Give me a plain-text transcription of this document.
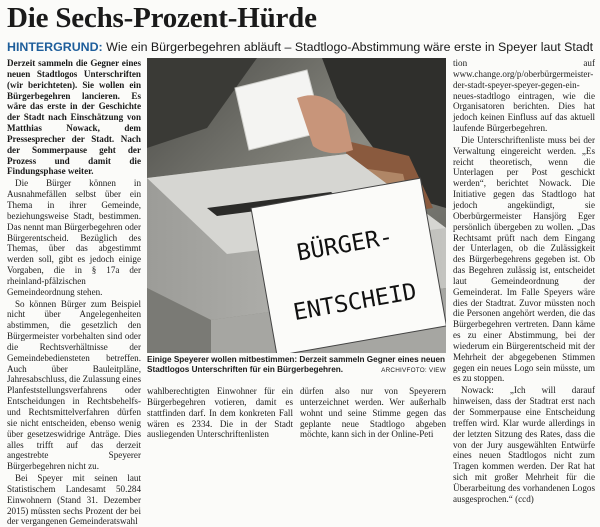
Die Sechs-Prozent-Hürde
HINTERGRUND: Wie ein Bürgerbegehren abläuft – Stadtlogo-Abstimmung wäre erste in Speyer laut Stadt

Derzeit sammeln die Gegner eines neuen Stadtlogos Unterschriften (wir berichteten). Sie wollen ein Bürgerbegehren lancieren. Es wäre das erste in der Geschichte der Stadt nach Einschätzung von Matthias Nowack, dem Pressesprecher der Stadt. Nach der Sommerpause geht der Prozess und damit die Findungsphase weiter.

Die Bürger können in Ausnahmefällen selbst über ein Thema in ihrer Gemeinde, beziehungsweise Stadt, bestimmen. Das nennt man Bürgerbegehren oder Bürgerentscheid. Bezüglich des Themas, über das abgestimmt werden soll, gibt es jedoch einige Vorgaben, die in § 17a der rheinland-pfälzischen Gemeindeordnung stehen.

So können Bürger zum Beispiel nicht über Angelegenheiten abstimmen, die gesetzlich den Bürgermeister vorbehalten sind oder die Rechtsverhältnisse der Gemeindebediensteten betreffen. Auch über Bauleitpläne, Jahresabschluss, die Zulassung eines Planfeststellungsverfahrens oder Entscheidungen in Rechtsbehelfs- und Rechtsmittelverfahren dürfen sie nicht entscheiden, ebenso wenig über gesetzeswidrige Anträge. Dies alles trifft auf das derzeit angestrebte Speyerer Bürgerbegehren nicht zu.

Bei Speyer mit seinen laut Statistischem Landesamt 50.284 Einwohnern (Stand 31. Dezember 2015) müssten sechs Prozent der bei der vergangenen Gemeinderatswahl

BÜRGER-
ENTSCHEID
Einige Speyerer wollen mitbestimmen: Derzeit sammeln Gegner eines neuen Stadtlogos Unterschriften für ein Bürgerbegehren.	ARCHIVFOTO: VIEW

wahlberechtigten Einwohner für ein Bürgerbegehren votieren, damit es stattfinden darf. In dem konkreten Fall wären es 2334. Die in der Stadt ausliegenden Unterschriftenlisten

dürfen also nur von Speyerern unterzeichnet werden. Wer außerhalb wohnt und seine Stimme gegen das geplante neue Stadtlogo abgeben möchte, kann sich in der Online-Peti

tion auf www.change.org/p/oberbürgermeister-der-stadt-speyer-speyer-gegen-ein-neues-stadtlogo eintragen, wie die Organisatoren berichten. Dies hat jedoch keinen Einfluss auf das aktuell laufende Bürgerbegehren.

Die Unterschriftenliste muss bei der Verwaltung eingereicht werden. „Es reicht theoretisch, wenn die Unterlagen per Post geschickt werden“, berichtet Nowack. Die Initiative gegen das Stadtlogo hat jedoch angekündigt, sie Oberbürgermeister Hansjörg Eger persönlich übergeben zu wollen. „Das Rechtsamt prüft nach dem Eingang der Unterlagen, ob die Zulässigkeit des Bürgerbegehrens gegeben ist. Ob das Begehren zulässig ist, entscheidet laut Gemeindeordnung der Gemeinderat. Im Falle Speyers wäre dies der Stadtrat. Zuvor müssten noch die Personen angehört werden, die das Bürgerbegehren vertreten. Dann käme es zu einer Abstimmung, bei der wiederum ein Bürgerentscheid mit der Mehrheit der abgegebenen Stimmen gegen ein neues Logo sein müsste, um es zu stoppen.

Nowack: „Ich will darauf hinweisen, dass der Stadtrat erst nach der Sommerpause eine Entscheidung treffen wird. Klar wurde allerdings in der letzten Sitzung des Rates, dass die von der Jury ausgewählten Entwürfe eines neuen Stadtlogos nicht zum Tragen kommen werden. Der Rat hat sich mit großer Mehrheit für die Überarbeitung des vorhandenen Logos ausgesprochen.“ (ccd)
